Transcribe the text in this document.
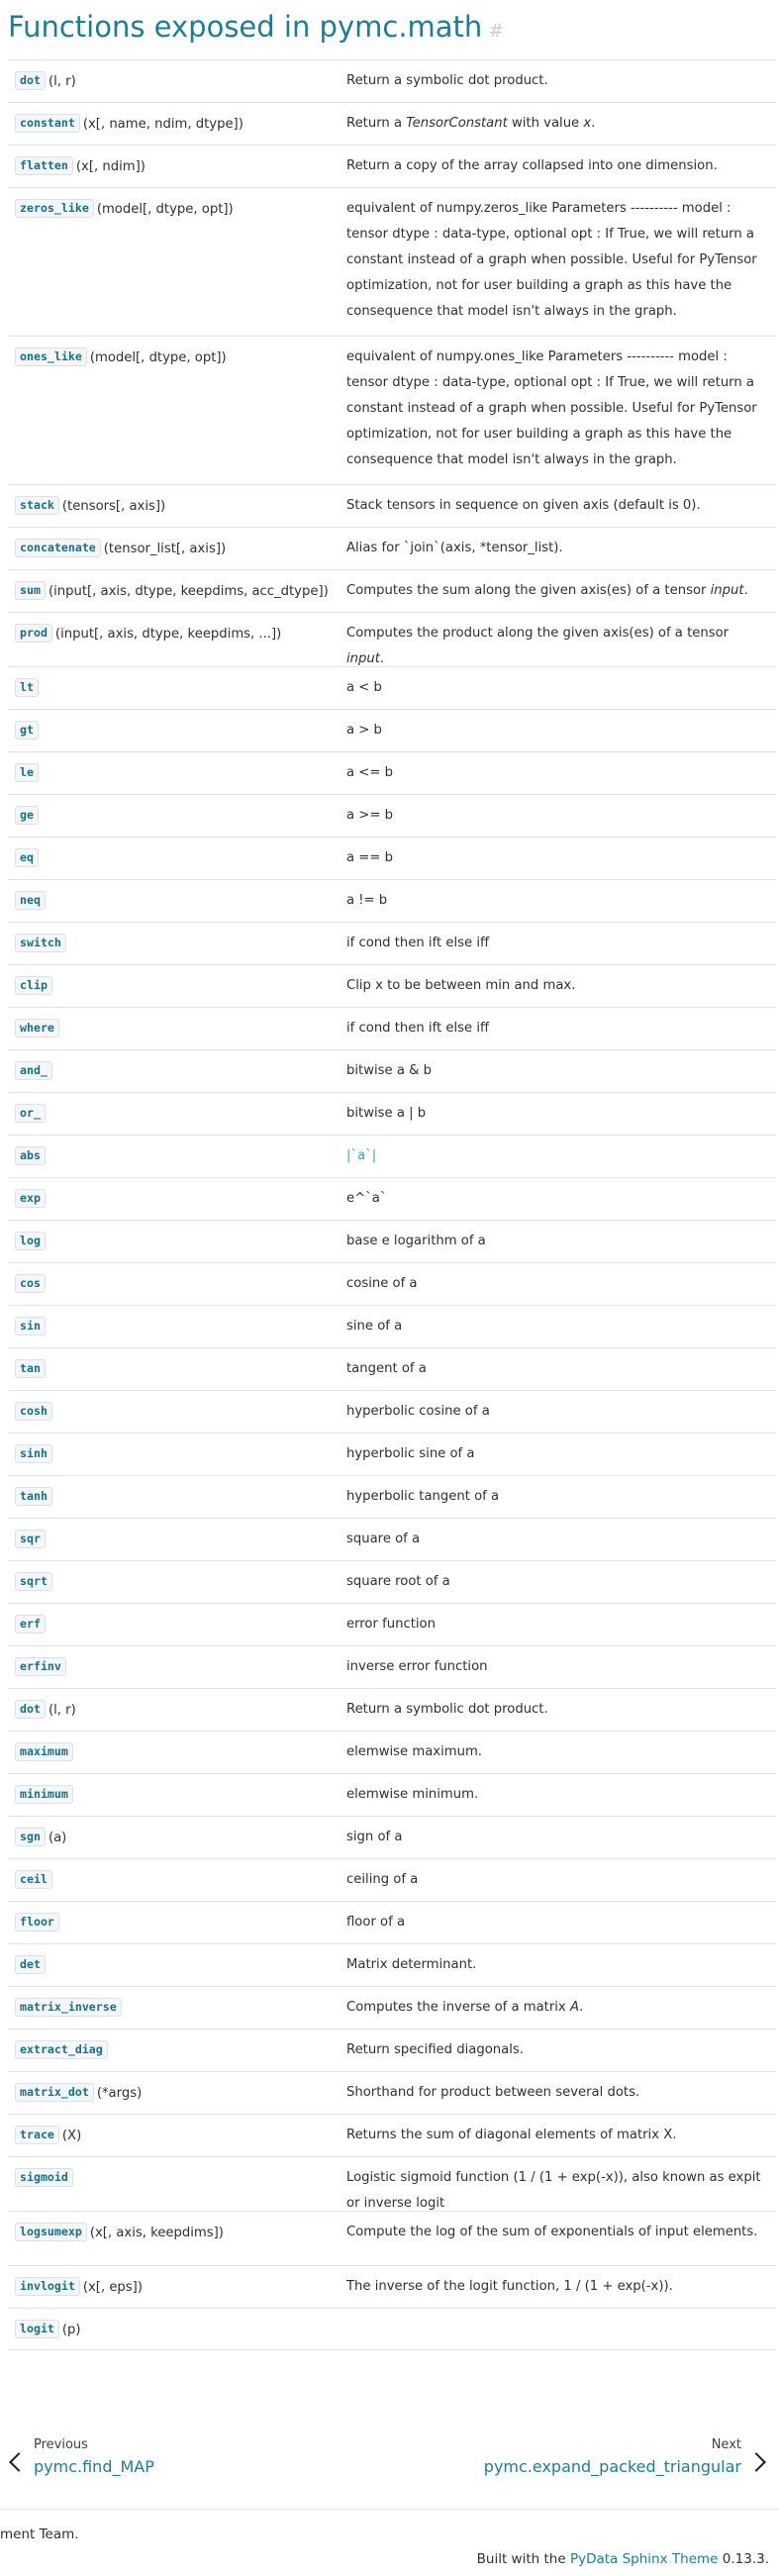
Functions exposed in pymc.math #
dot (l, r)	Return a symbolic dot product.
constant (x[, name, ndim, dtype])	Return a TensorConstant with value x.
flatten (x[, ndim])	Return a copy of the array collapsed into one dimension.
zeros_like (model[, dtype, opt])	equivalent of numpy.zeros_like Parameters ---------- model : tensor dtype : data-type, optional opt : If True, we will return a constant instead of a graph when possible. Useful for PyTensor optimization, not for user building a graph as this have the consequence that model isn't always in the graph.
ones_like (model[, dtype, opt])	equivalent of numpy.ones_like Parameters ---------- model : tensor dtype : data-type, optional opt : If True, we will return a constant instead of a graph when possible. Useful for PyTensor optimization, not for user building a graph as this have the consequence that model isn't always in the graph.
stack (tensors[, axis])	Stack tensors in sequence on given axis (default is 0).
concatenate (tensor_list[, axis])	Alias for `join`(axis, *tensor_list).
sum (input[, axis, dtype, keepdims, acc_dtype])	Computes the sum along the given axis(es) of a tensor input.
prod (input[, axis, dtype, keepdims, ...])	Computes the product along the given axis(es) of a tensor input.
lt	a < b
gt	a > b
le	a <= b
ge	a >= b
eq	a == b
neq	a != b
switch	if cond then ift else iff
clip	Clip x to be between min and max.
where	if cond then ift else iff
and_	bitwise a & b
or_	bitwise a | b
abs	|`a`|
exp	e^`a`
log	base e logarithm of a
cos	cosine of a
sin	sine of a
tan	tangent of a
cosh	hyperbolic cosine of a
sinh	hyperbolic sine of a
tanh	hyperbolic tangent of a
sqr	square of a
sqrt	square root of a
erf	error function
erfinv	inverse error function
dot (l, r)	Return a symbolic dot product.
maximum	elemwise maximum.
minimum	elemwise minimum.
sgn (a)	sign of a
ceil	ceiling of a
floor	floor of a
det	Matrix determinant.
matrix_inverse	Computes the inverse of a matrix A.
extract_diag	Return specified diagonals.
matrix_dot (*args)	Shorthand for product between several dots.
trace (X)	Returns the sum of diagonal elements of matrix X.
sigmoid	Logistic sigmoid function (1 / (1 + exp(-x)), also known as expit or inverse logit
logsumexp (x[, axis, keepdims])	Compute the log of the sum of exponentials of input elements.
invlogit (x[, eps])	The inverse of the logit function, 1 / (1 + exp(-x)).
logit (p)
Previous
pymc.find_MAP
Next
pymc.expand_packed_triangular
ment Team.
Built with the PyData Sphinx Theme 0.13.3.
